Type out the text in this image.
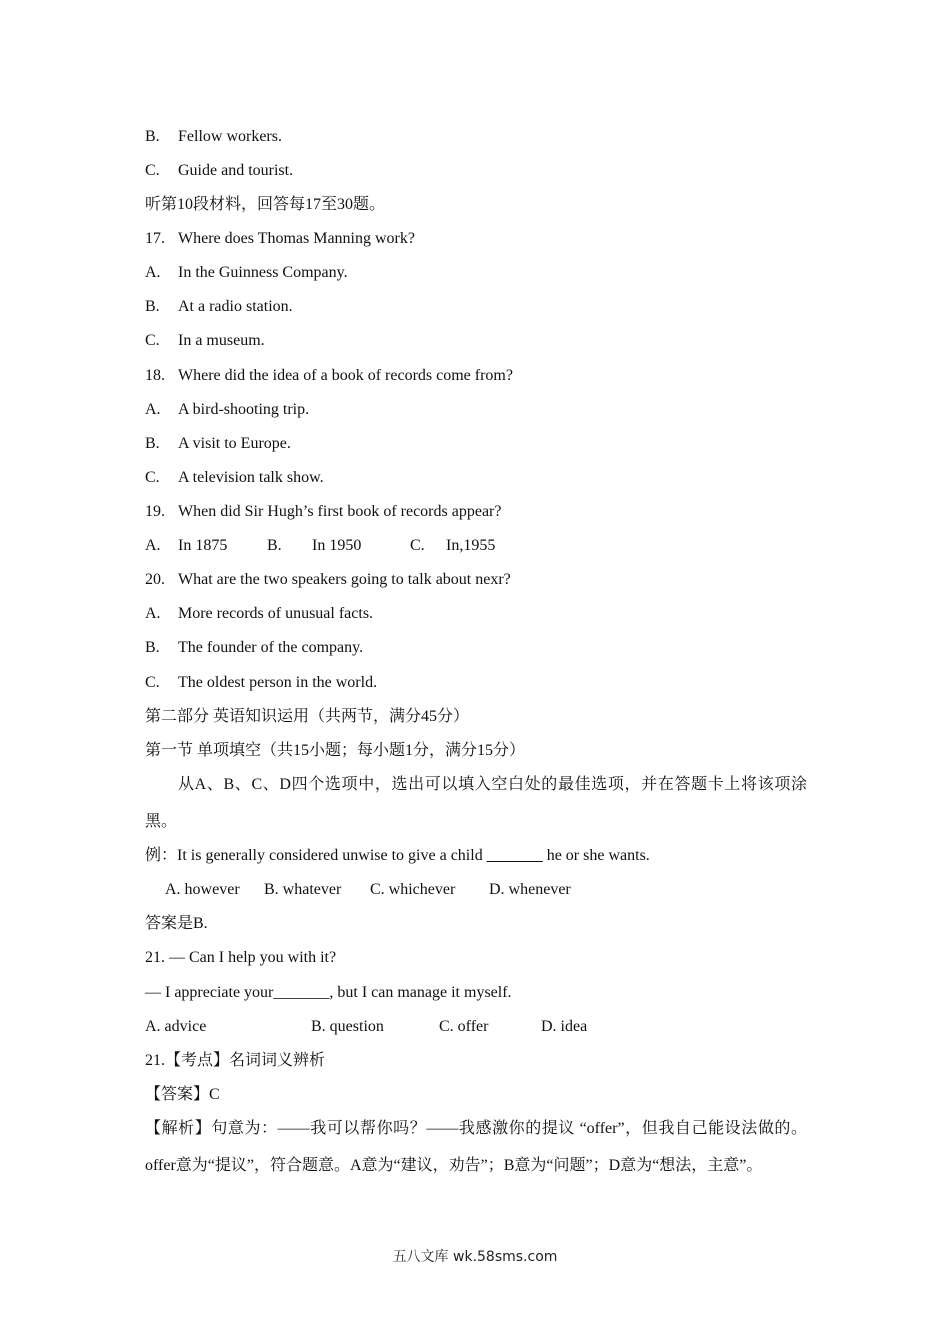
B. Fellow workers.
C. Guide and tourist.
听第10段材料，回答每17至30题。
17. Where does Thomas Manning work?
A. In the Guinness Company.
B. At a radio station.
C. In a museum.
18. Where did the idea of a book of records come from?
A. A bird-shooting trip.
B. A visit to Europe.
C. A television talk show.
19. When did Sir Hugh’s first book of records appear?
A. In 1875 B. In 1950	C. In,1955
20. What are the two speakers going to talk about nexr?
A. More records of unusual facts.
B. The founder of the company.
C. The oldest person in the world.
第二部分 英语知识运用（共两节，满分45分）
第一节 单项填空（共15小题；每小题1分，满分15分）
从A、B、C、D四个选项中，选出可以填入空白处的最佳选项，并在答题卡上将该项涂黑。
例：It is generally considered unwise to give a child _______ he or she wants.
A. however B. whatever C. whichever D. whenever
答案是B.
21. — Can I help you with it?
— I appreciate your_______, but I can manage it myself.
A. advice	B. question	C. offer	D. idea
21.【考点】名词词义辨析
【答案】C
【解析】句意为：——我可以帮你吗？——我感激你的提议 “offer”，但我自己能设法做的。offer意为“提议”，符合题意。A意为“建议，劝告”；B意为“问题”；D意为“想法，主意”。
五八文库 wk.58sms.com
